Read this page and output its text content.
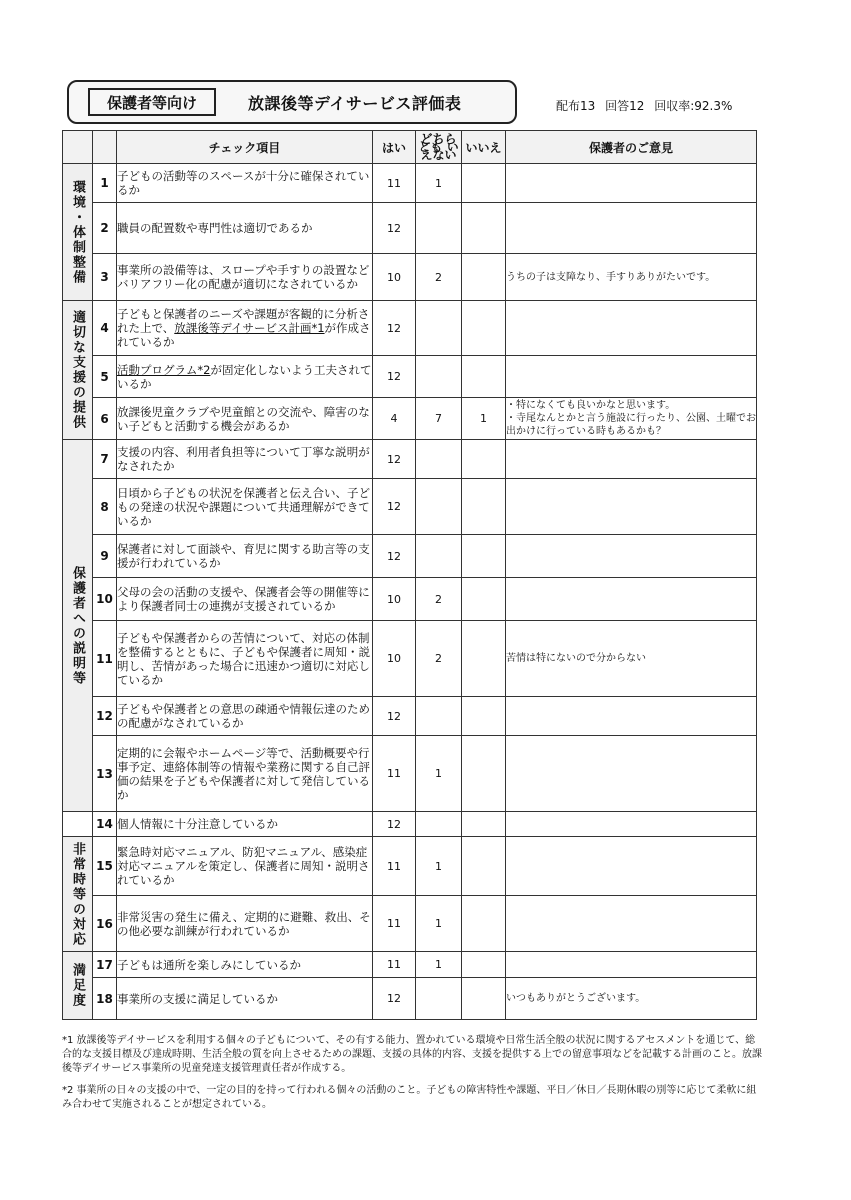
保護者等向け	放課後等デイサービス評価表	配布13 回答12 回収率:92.3%
		チェック項目	はい	どちらとも いえない	いいえ	保護者のご意見
環境・体制整備	1	子どもの活動等のスペースが十分に確保されているか	11	1		
	2	職員の配置数や専門性は適切であるか	12			
	3	事業所の設備等は、スロープや手すりの設置などバリアフリー化の配慮が適切になされているか	10	2		うちの子は支障なり、手すりありがたいです。
適切な支援の提供	4	子どもと保護者のニーズや課題が客観的に分析された上で、放課後等デイサービス計画*1が作成されているか	12			
	5	活動プログラム*2が固定化しないよう工夫されているか	12			
	6	放課後児童クラブや児童館との交流や、障害のない子どもと活動する機会があるか	4	7	1	・特になくても良いかなと思います。
・寺尾なんとかと言う施設に行ったり、公園、土曜でお出かけに行っている時もあるかも？
保護者への説明等	7	支援の内容、利用者負担等について丁寧な説明がなされたか	12			
	8	日頃から子どもの状況を保護者と伝え合い、子どもの発達の状況や課題について共通理解ができているか	12			
	9	保護者に対して面談や、育児に関する助言等の支援が行われているか	12			
	10	父母の会の活動の支援や、保護者会等の開催等により保護者同士の連携が支援されているか	10	2		
	11	子どもや保護者からの苦情について、対応の体制を整備するとともに、子どもや保護者に周知・説明し、苦情があった場合に迅速かつ適切に対応しているか	10	2		苦情は特にないので分からない
	12	子どもや保護者との意思の疎通や情報伝達のための配慮がなされているか	12			
	13	定期的に会報やホームページ等で、活動概要や行事予定、連絡体制等の情報や業務に関する自己評価の結果を子どもや保護者に対して発信しているか	11	1		
	14	個人情報に十分注意しているか	12			
非常時等の対応	15	緊急時対応マニュアル、防犯マニュアル、感染症対応マニュアルを策定し、保護者に周知・説明されているか	11	1		
	16	非常災害の発生に備え、定期的に避難、救出、その他必要な訓練が行われているか	11	1		
満足度	17	子どもは通所を楽しみにしているか	11	1		
	18	事業所の支援に満足しているか	12			いつもありがとうございます。

*1 放課後等デイサービスを利用する個々の子どもについて、その有する能力、置かれている環境や日常生活全般の状況に関するアセスメントを通じて、総合的な支援目標及び達成時期、生活全般の質を向上させるための課題、支援の具体的内容、支援を提供する上での留意事項などを記載する計画のこと。放課後等デイサービス事業所の児童発達支援管理責任者が作成する。

*2 事業所の日々の支援の中で、一定の目的を持って行われる個々の活動のこと。子どもの障害特性や課題、平日／休日／長期休暇の別等に応じて柔軟に組み合わせて実施されることが想定されている。
